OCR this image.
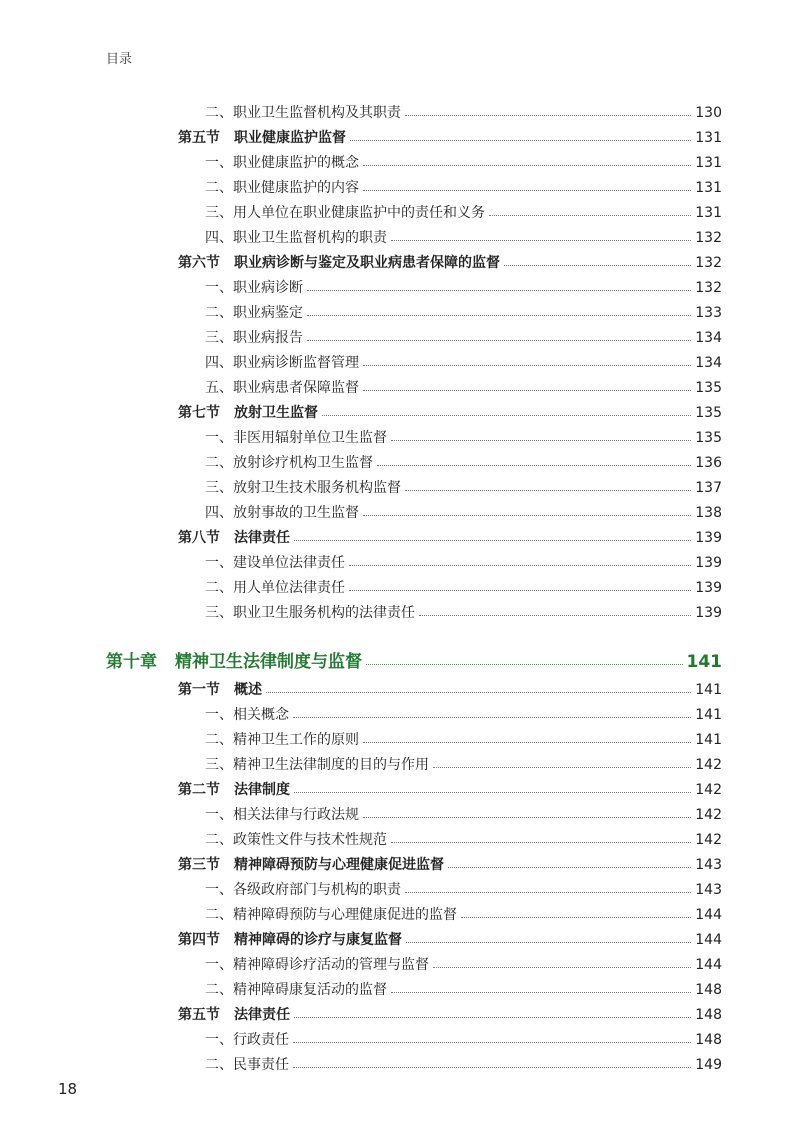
目录
二、职业卫生监督机构及其职责	130
第五节 职业健康监护监督	131
一、职业健康监护的概念	131
二、职业健康监护的内容	131
三、用人单位在职业健康监护中的责任和义务	131
四、职业卫生监督机构的职责	132
第六节 职业病诊断与鉴定及职业病患者保障的监督	132
一、职业病诊断	132
二、职业病鉴定	133
三、职业病报告	134
四、职业病诊断监督管理	134
五、职业病患者保障监督	135
第七节 放射卫生监督	135
一、非医用辐射单位卫生监督	135
二、放射诊疗机构卫生监督	136
三、放射卫生技术服务机构监督	137
四、放射事故的卫生监督	138
第八节 法律责任	139
一、建设单位法律责任	139
二、用人单位法律责任	139
三、职业卫生服务机构的法律责任	139
第十章 精神卫生法律制度与监督	141
第一节 概述	141
一、相关概念	141
二、精神卫生工作的原则	141
三、精神卫生法律制度的目的与作用	142
第二节 法律制度	142
一、相关法律与行政法规	142
二、政策性文件与技术性规范	142
第三节 精神障碍预防与心理健康促进监督	143
一、各级政府部门与机构的职责	143
二、精神障碍预防与心理健康促进的监督	144
第四节 精神障碍的诊疗与康复监督	144
一、精神障碍诊疗活动的管理与监督	144
二、精神障碍康复活动的监督	148
第五节 法律责任	148
一、行政责任	148
二、民事责任	149
18
